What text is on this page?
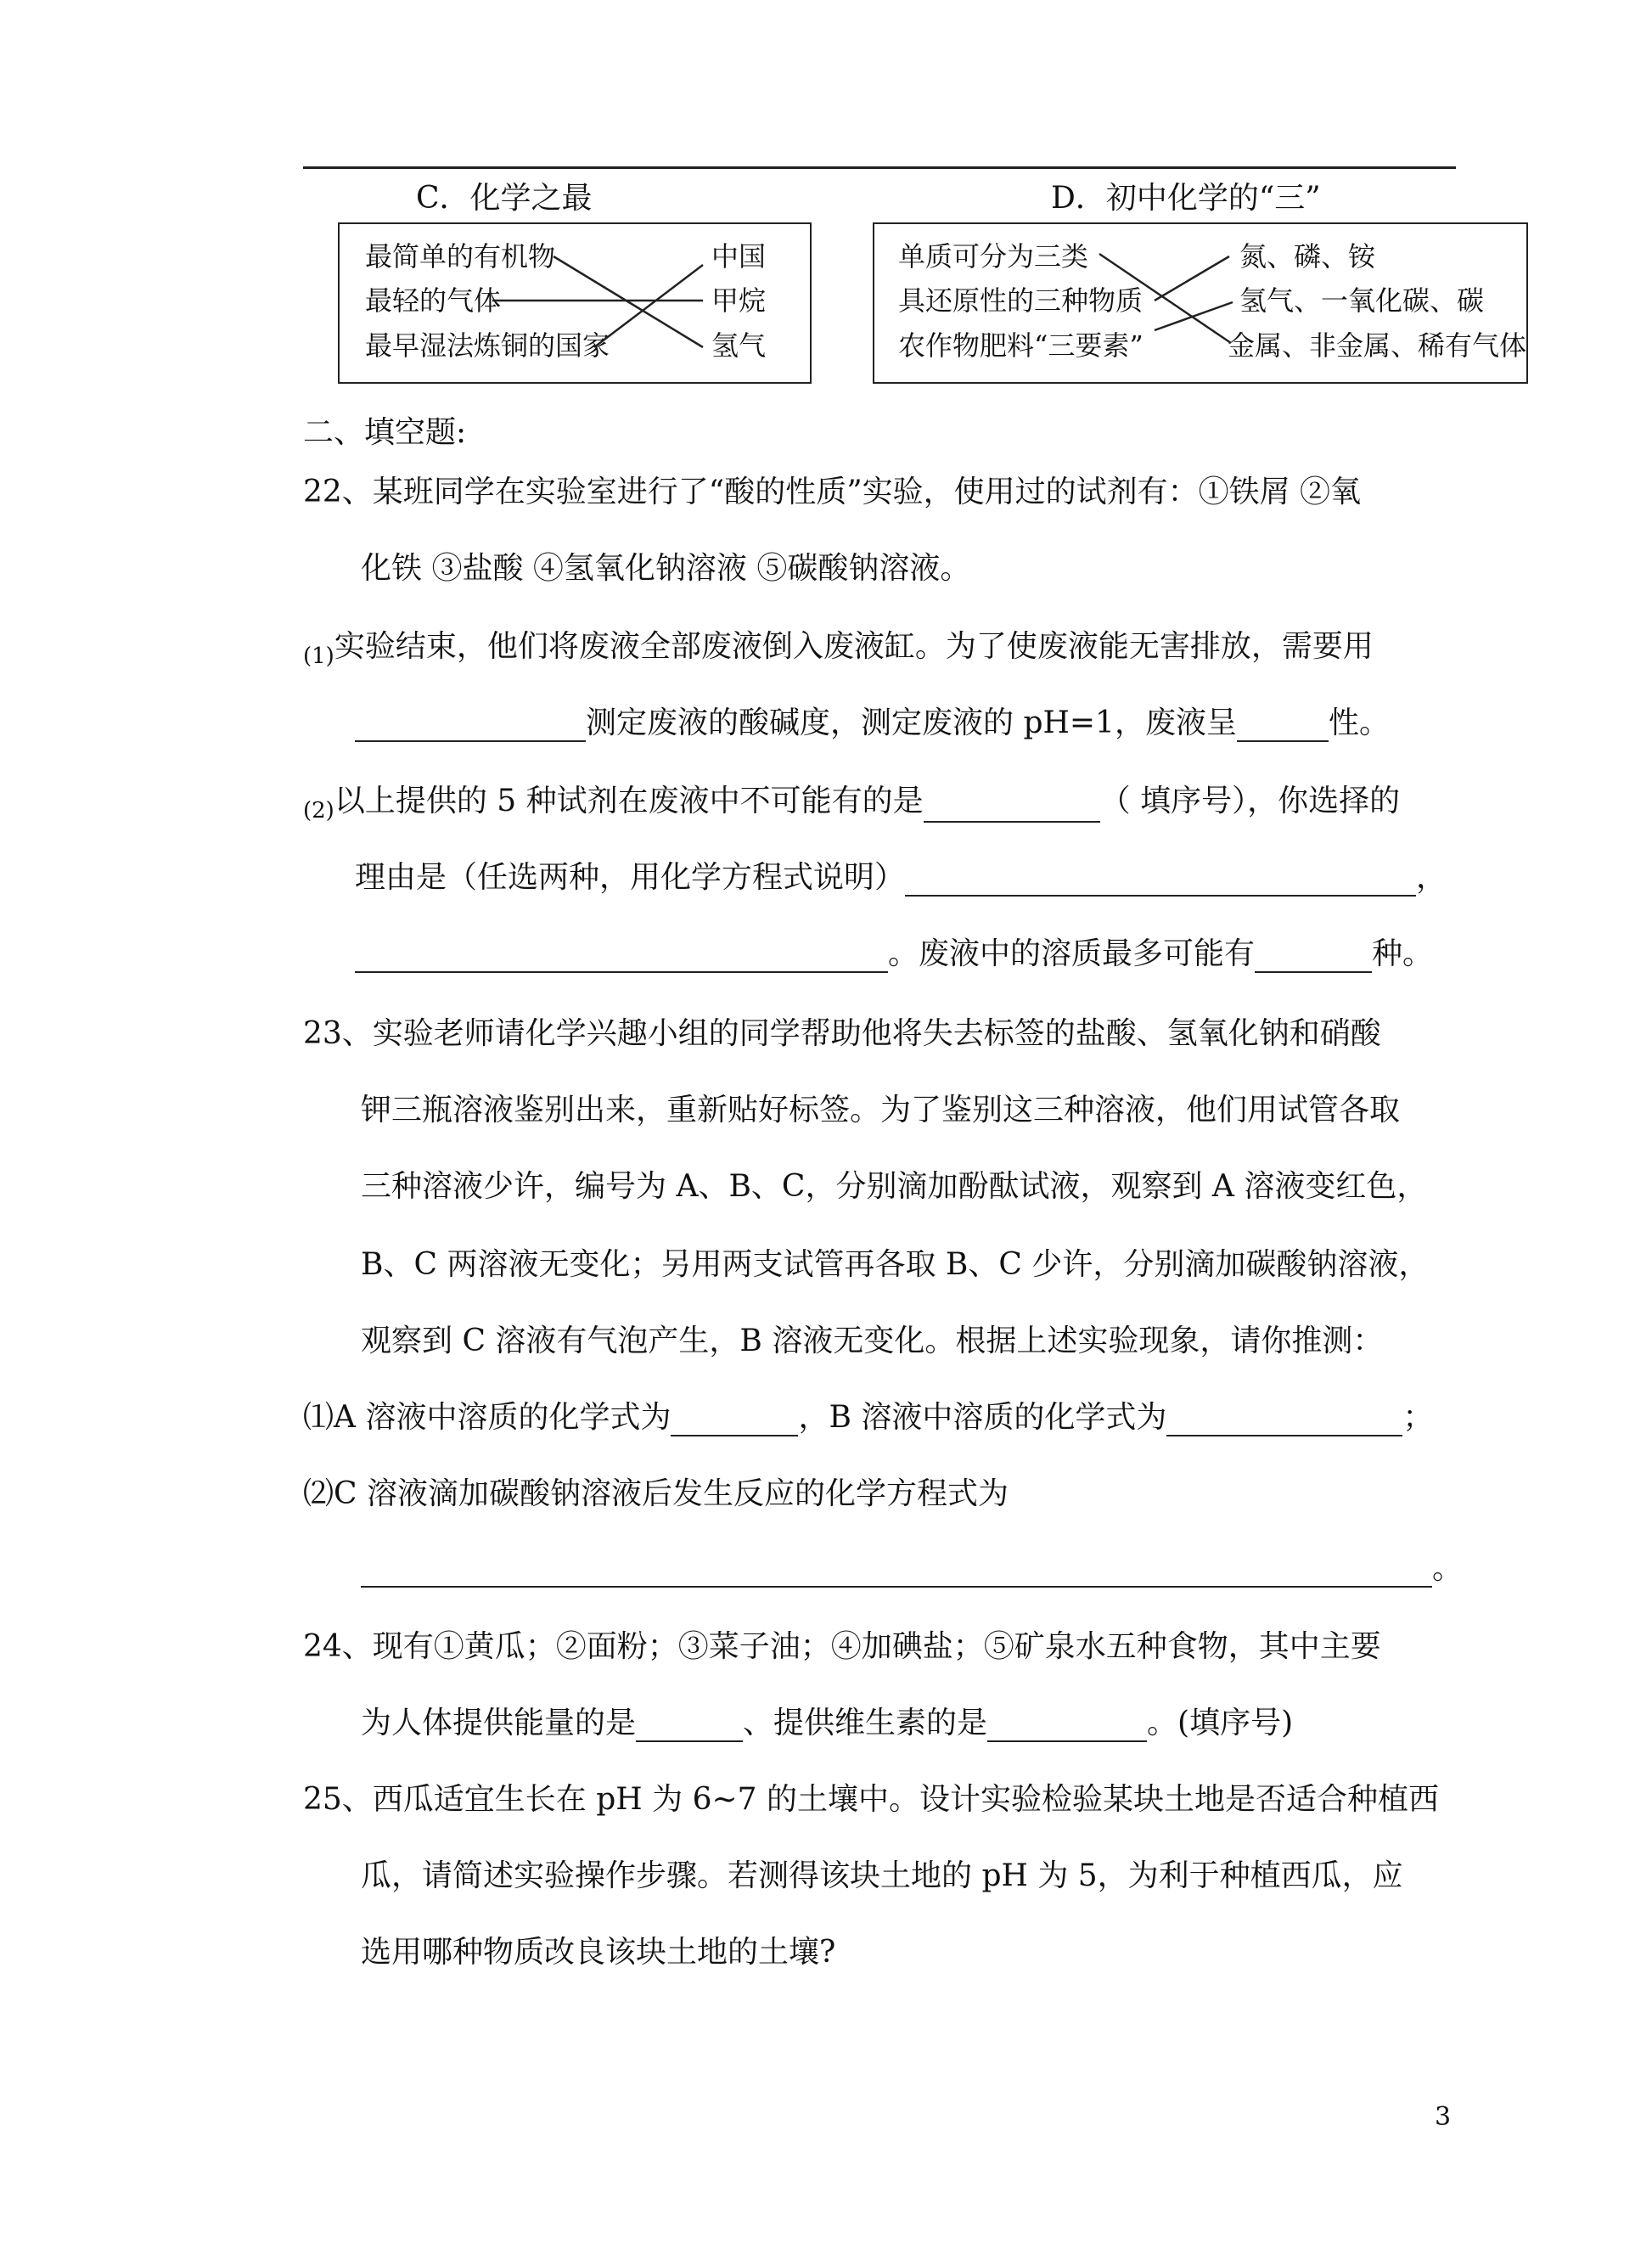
C．化学之最
最简单的有机物
最轻的气体
最早湿法炼铜的国家
中国
甲烷
氢气
D．初中化学的“三”
单质可分为三类
具还原性的三种物质
农作物肥料“三要素”
氮、磷、铵
氢气、一氧化碳、碳
金属、非金属、稀有气体
二、填空题:
22、某班同学在实验室进行了“酸的性质”实验，使用过的试剂有：①铁屑 ②氧
化铁 ③盐酸 ④氢氧化钠溶液 ⑤碳酸钠溶液。
$_{(1)}$实验结束，他们将废液全部废液倒入废液缸。为了使废液能无害排放，需要用
测定废液的酸碱度，测定废液的 pH=1，废液呈	性。
$_{(2)}$以上提供的 5 种试剂在废液中不可能有的是	（ 填序号），你选择的
理由是（任选两种，用化学方程式说明）	，
。废液中的溶质最多可能有	种。
23、实验老师请化学兴趣小组的同学帮助他将失去标签的盐酸、氢氧化钠和硝酸
钾三瓶溶液鉴别出来，重新贴好标签。为了鉴别这三种溶液，他们用试管各取
三种溶液少许，编号为 A、B、C，分别滴加酚酞试液，观察到 A 溶液变红色，
B、C 两溶液无变化；另用两支试管再各取 B、C 少许，分别滴加碳酸钠溶液，
观察到 C 溶液有气泡产生，B 溶液无变化。根据上述实验现象，请你推测：
⑴A 溶液中溶质的化学式为	，B 溶液中溶质的化学式为	；
⑵C 溶液滴加碳酸钠溶液后发生反应的化学方程式为
。
24、现有①黄瓜；②面粉；③菜子油；④加碘盐；⑤矿泉水五种食物，其中主要
为人体提供能量的是	、提供维生素的是	。(填序号)
25、西瓜适宜生长在 pH 为 6~7 的土壤中。设计实验检验某块土地是否适合种植西
瓜，请简述实验操作步骤。若测得该块土地的 pH 为 5，为利于种植西瓜，应
选用哪种物质改良该块土地的土壤?
3
